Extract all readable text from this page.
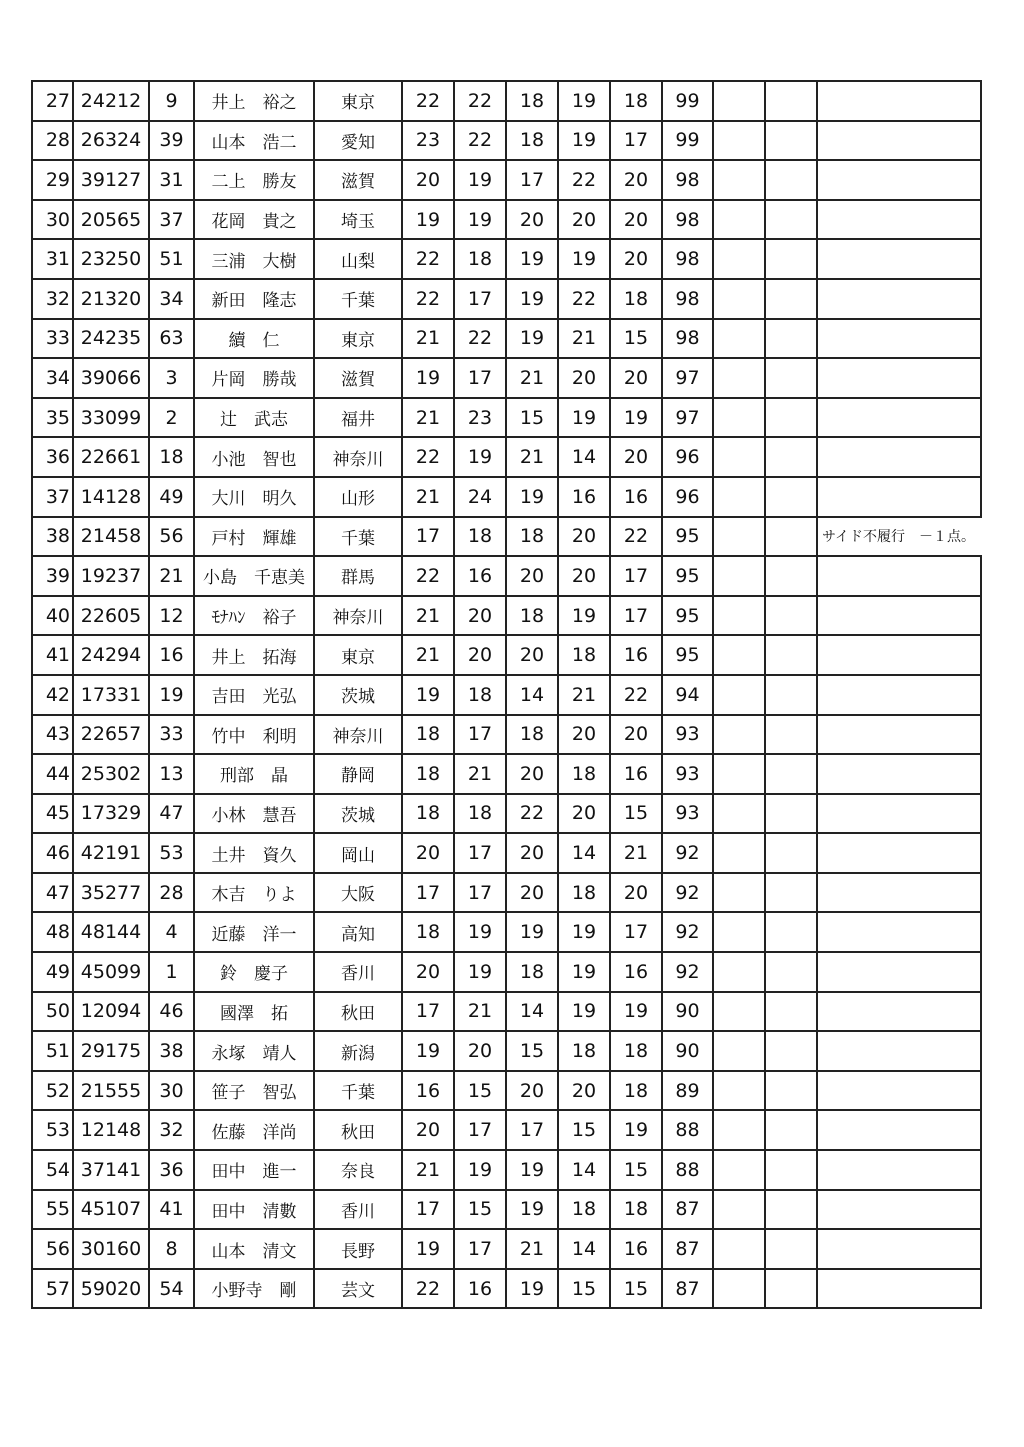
27	24212	9	井上　裕之	東京	22	22	18	19	18	99			
28	26324	39	山本　浩二	愛知	23	22	18	19	17	99			
29	39127	31	二上　勝友	滋賀	20	19	17	22	20	98			
30	20565	37	花岡　貴之	埼玉	19	19	20	20	20	98			
31	23250	51	三浦　大樹	山梨	22	18	19	19	20	98			
32	21320	34	新田　隆志	千葉	22	17	19	22	18	98			
33	24235	63	續　仁	東京	21	22	19	21	15	98			
34	39066	3	片岡　勝哉	滋賀	19	17	21	20	20	97			
35	33099	2	辻　武志	福井	21	23	15	19	19	97			
36	22661	18	小池　智也	神奈川	22	19	21	14	20	96			
37	14128	49	大川　明久	山形	21	24	19	16	16	96			
38	21458	56	戸村　輝雄	千葉	17	18	18	20	22	95			サイド不履行　－１点。
39	19237	21	小島　千恵美	群馬	22	16	20	20	17	95			
40	22605	12	ﾓﾅﾊﾝ　裕子	神奈川	21	20	18	19	17	95			
41	24294	16	井上　拓海	東京	21	20	20	18	16	95			
42	17331	19	吉田　光弘	茨城	19	18	14	21	22	94			
43	22657	33	竹中　利明	神奈川	18	17	18	20	20	93			
44	25302	13	刑部　晶	静岡	18	21	20	18	16	93			
45	17329	47	小林　慧吾	茨城	18	18	22	20	15	93			
46	42191	53	土井　資久	岡山	20	17	20	14	21	92			
47	35277	28	木吉　りよ	大阪	17	17	20	18	20	92			
48	48144	4	近藤　洋一	高知	18	19	19	19	17	92			
49	45099	1	鈴　慶子	香川	20	19	18	19	16	92			
50	12094	46	國澤　拓	秋田	17	21	14	19	19	90			
51	29175	38	永塚　靖人	新潟	19	20	15	18	18	90			
52	21555	30	笹子　智弘	千葉	16	15	20	20	18	89			
53	12148	32	佐藤　洋尚	秋田	20	17	17	15	19	88			
54	37141	36	田中　進一	奈良	21	19	19	14	15	88			
55	45107	41	田中　清數	香川	17	15	19	18	18	87			
56	30160	8	山本　清文	長野	19	17	21	14	16	87			
57	59020	54	小野寺　剛	芸文	22	16	19	15	15	87			
